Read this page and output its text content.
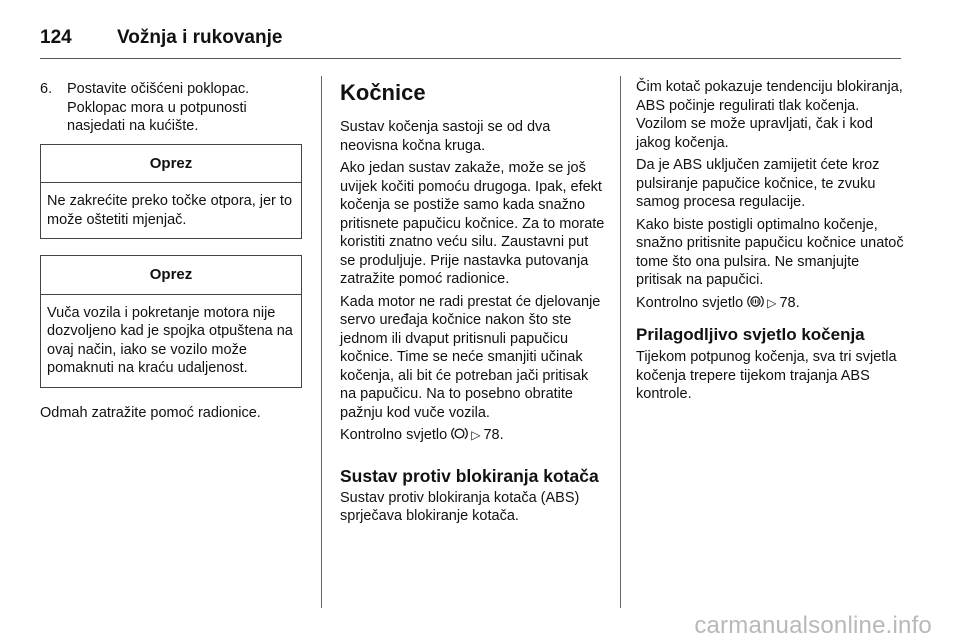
124	Vožnja i rukovanje
6.	Postavite očišćeni poklopac. Poklopac mora u potpunosti nasjedati na kućište.
Oprez
Ne zakrećite preko točke otpora, jer to može oštetiti mjenjač.
Oprez
Vuča vozila i pokretanje motora nije dozvoljeno kad je spojka otpuštena na ovaj način, iako se vozilo može pomaknuti na kraću udaljenost.

Odmah zatražite pomoć radionice.

Kočnice

Sustav kočenja sastoji se od dva neovisna kočna kruga.

Ako jedan sustav zakaže, može se još uvijek kočiti pomoću drugoga. Ipak, efekt kočenja se postiže samo kada snažno pritisnete papučicu kočnice. Za to morate koristiti znatno veću silu. Zaustavni put se produljuje. Prije nastavka putovanja zatražite pomoć radionice.

Kada motor ne radi prestat će djelovanje servo uređaja kočnice nakon što ste jednom ili dvaput pritisnuli papučicu kočnice. Time se neće smanjiti učinak kočenja, ali bit će potreban jači pritisak na papučicu. Na to posebno obratite pažnju kod vuče vozila.

Kontrolno svjetlo ▷ 78.

Sustav protiv blokiranja kotača

Sustav protiv blokiranja kotača (ABS) sprječava blokiranje kotača.

Čim kotač pokazuje tendenciju blokiranja, ABS počinje regulirati tlak kočenja. Vozilom se može upravljati, čak i kod jakog kočenja.

Da je ABS uključen zamijetit ćete kroz pulsiranje papučice kočnice, te zvuku samog procesa regulacije.

Kako biste postigli optimalno kočenje, snažno pritisnite papučicu kočnice unatoč tome što ona pulsira. Ne smanjujte pritisak na papučici.

Kontrolno svjetlo ▷ 78.

Prilagodljivo svjetlo kočenja

Tijekom potpunog kočenja, sva tri svjetla kočenja trepere tijekom trajanja ABS kontrole.

carmanualsonline.info
